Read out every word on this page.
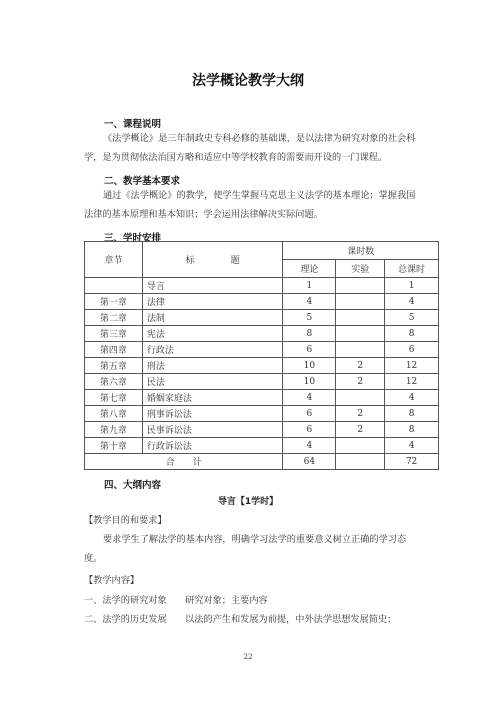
法学概论教学大纲
一、课程说明
《法学概论》是三年制政史专科必修的基础课，是以法律为研究对象的社会科学，是为贯彻依法治国方略和适应中等学校教育的需要而开设的一门课程。
二、教学基本要求
通过《法学概论》的教学，使学生掌握马克思主义法学的基本理论；掌握我国法律的基本原理和基本知识；学会运用法律解决实际问题。
三、学时安排
章节	标　　　　题	课时数		
		理论	实验	总课时
	导言	1		1
第一章	法律	4		4
第二章	法制	5		5
第三章	宪法	8		8
第四章	行政法	6		6
第五章	刑法	10	2	12
第六章	民法	10	2	12
第七章	婚姻家庭法	4		4
第八章	刑事诉讼法	6	2	8
第九章	民事诉讼法	6	2	8
第十章	行政诉讼法	4		4
合　　计		64		72
四、大纲内容
导言【1学时】
【教学目的和要求】
要求学生了解法学的基本内容，明确学习法学的重要意义树立正确的学习态度。
【教学内容】
一、法学的研究对象　　研究对象；主要内容
二、法学的历史发展　　以法的产生和发展为前提，中外法学思想发展简史；
22
